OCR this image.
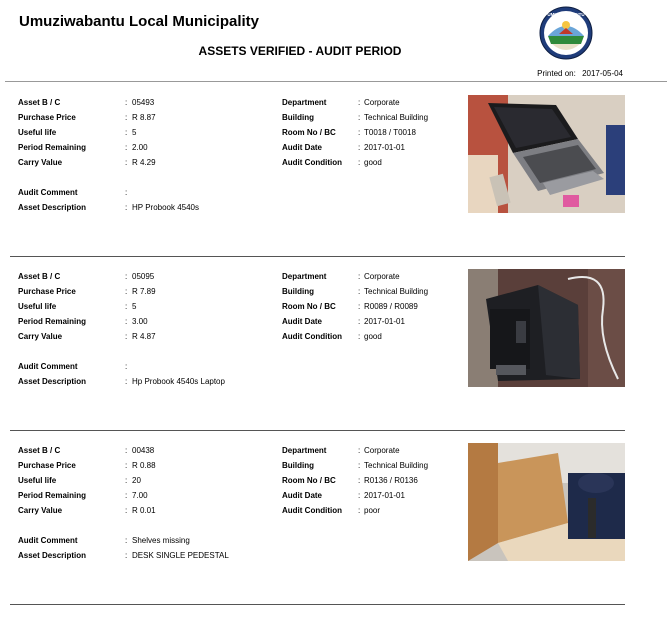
Umuziwabantu Local Municipality
ASSETS VERIFIED - AUDIT PERIOD
UMUZIWABANTU
Printed on: 2017-05-04
Asset B / C	: 05493	Department	: Corporate
Purchase Price	: R 8.87	Building	: Technical Building
Useful life	: 5	Room No / BC	: T0018 / T0018
Period Remaining	: 2.00	Audit Date	: 2017-01-01
Carry Value	: R 4.29	Audit Condition : good
Audit Comment	:
Asset Description	: HP Probook 4540s
Asset B / C	: 05095	Department	: Corporate
Purchase Price	: R 7.89	Building	: Technical Building
Useful life	: 5	Room No / BC	: R0089 / R0089
Period Remaining	: 3.00	Audit Date	: 2017-01-01
Carry Value	: R 4.87	Audit Condition : good
Audit Comment	:
Asset Description	: Hp Probook 4540s Laptop
Asset B / C	: 00438	Department	: Corporate
Purchase Price	: R 0.88	Building	: Technical Building
Useful life	: 20	Room No / BC	: R0136 / R0136
Period Remaining	: 7.00	Audit Date	: 2017-01-01
Carry Value	: R 0.01	Audit Condition : poor
Audit Comment	: Shelves missing
Asset Description	: DESK SINGLE PEDESTAL
